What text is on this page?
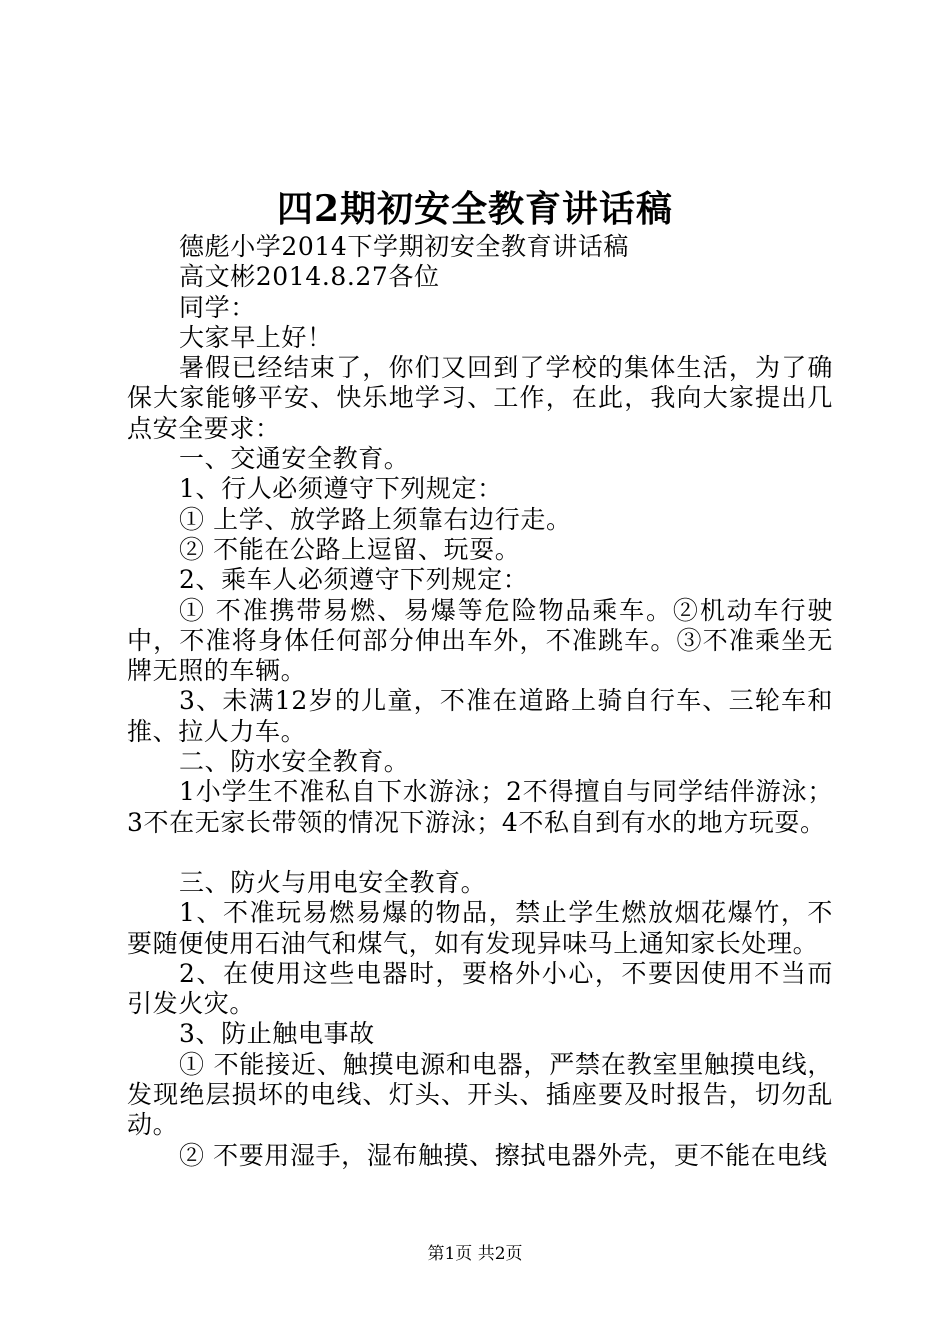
四2期初安全教育讲话稿

德彪小学2014下学期初安全教育讲话稿

高文彬2014.8.27各位

同学：

大家早上好！

暑假已经结束了，你们又回到了学校的集体生活，为了确保大家能够平安、快乐地学习、工作，在此，我向大家提出几点安全要求：

一、交通安全教育。

1、行人必须遵守下列规定：

① 上学、放学路上须靠右边行走。

② 不能在公路上逗留、玩耍。

2、乘车人必须遵守下列规定：

① 不准携带易燃、易爆等危险物品乘车。②机动车行驶中，不准将身体任何部分伸出车外，不准跳车。③不准乘坐无牌无照的车辆。

3、未满12岁的儿童，不准在道路上骑自行车、三轮车和推、拉人力车。

二、防水安全教育。

1小学生不准私自下水游泳；2不得擅自与同学结伴游泳；3不在无家长带领的情况下游泳；4不私自到有水的地方玩耍。

三、防火与用电安全教育。

1、不准玩易燃易爆的物品，禁止学生燃放烟花爆竹，不要随便使用石油气和煤气，如有发现异味马上通知家长处理。

2、在使用这些电器时，要格外小心，不要因使用不当而引发火灾。

3、防止触电事故

① 不能接近、触摸电源和电器，严禁在教室里触摸电线，发现绝层损坏的电线、灯头、开头、插座要及时报告，切勿乱动。

② 不要用湿手，湿布触摸、擦拭电器外壳，更不能在电线

第1页 共2页
